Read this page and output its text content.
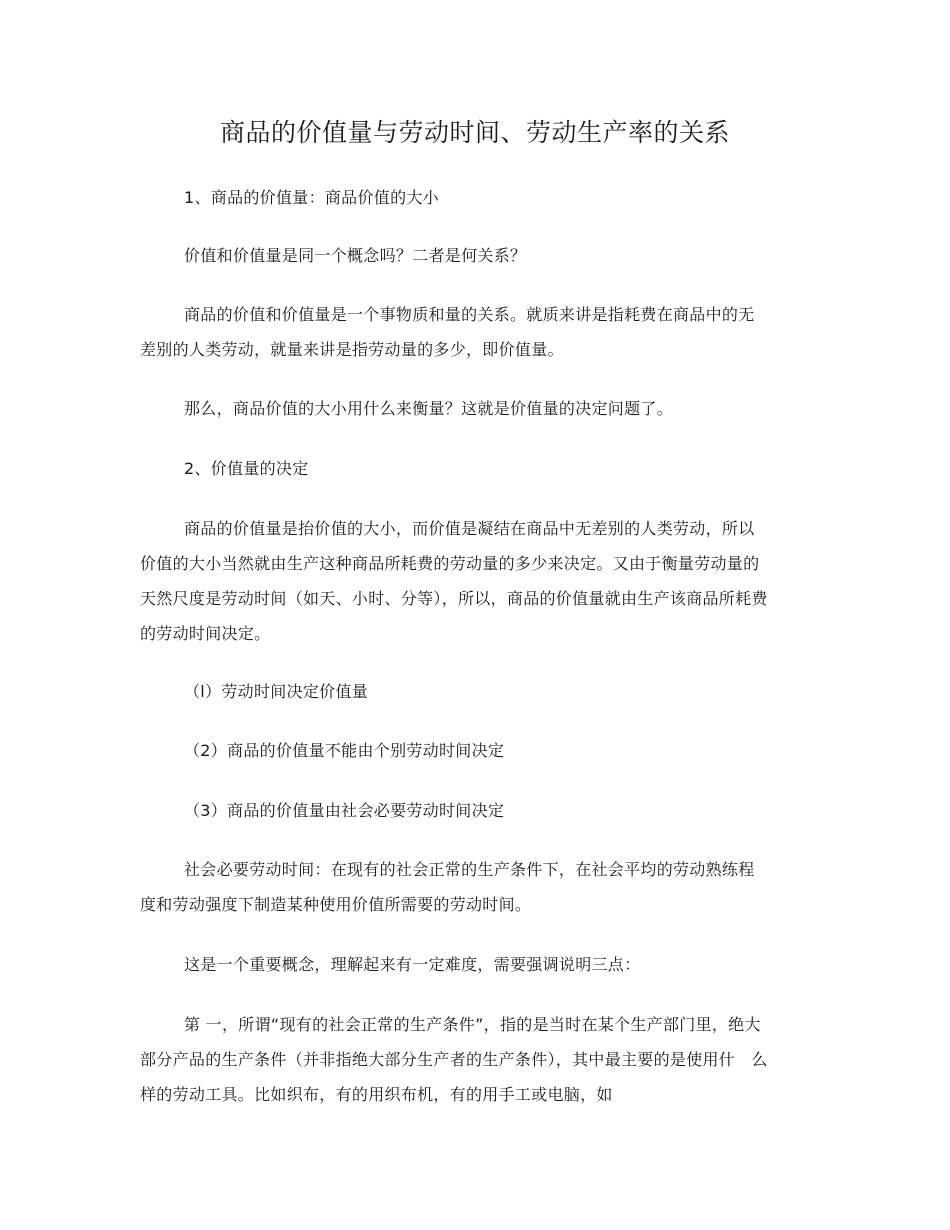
商品的价值量与劳动时间、劳动生产率的关系

1、商品的价值量：商品价值的大小

价值和价值量是同一个概念吗？二者是何关系？

商品的价值和价值量是一个事物质和量的关系。就质来讲是指耗费在商品中的无差别的人类劳动，就量来讲是指劳动量的多少，即价值量。

那么，商品价值的大小用什么来衡量？这就是价值量的决定问题了。

2、价值量的决定

商品的价值量是抬价值的大小，而价值是凝结在商品中无差别的人类劳动，所以价值的大小当然就由生产这种商品所耗费的劳动量的多少来决定。又由于衡量劳动量的天然尺度是劳动时间（如天、小时、分等），所以，商品的价值量就由生产该商品所耗费的劳动时间决定。

（l）劳动时间决定价值量

（2）商品的价值量不能由个别劳动时间决定

（3）商品的价值量由社会必要劳动时间决定

社会必要劳动时间：在现有的社会正常的生产条件下，在社会平均的劳动熟练程度和劳动强度下制造某种使用价值所需要的劳动时间。

这是一个重要概念，理解起来有一定难度，需要强调说明三点：

第 一，所谓“现有的社会正常的生产条件”，指的是当时在某个生产部门里，绝大部分产品的生产条件（并非指绝大部分生产者的生产条件），其中最主要的是使用什　么样的劳动工具。比如织布，有的用织布机，有的用手工或电脑，如
